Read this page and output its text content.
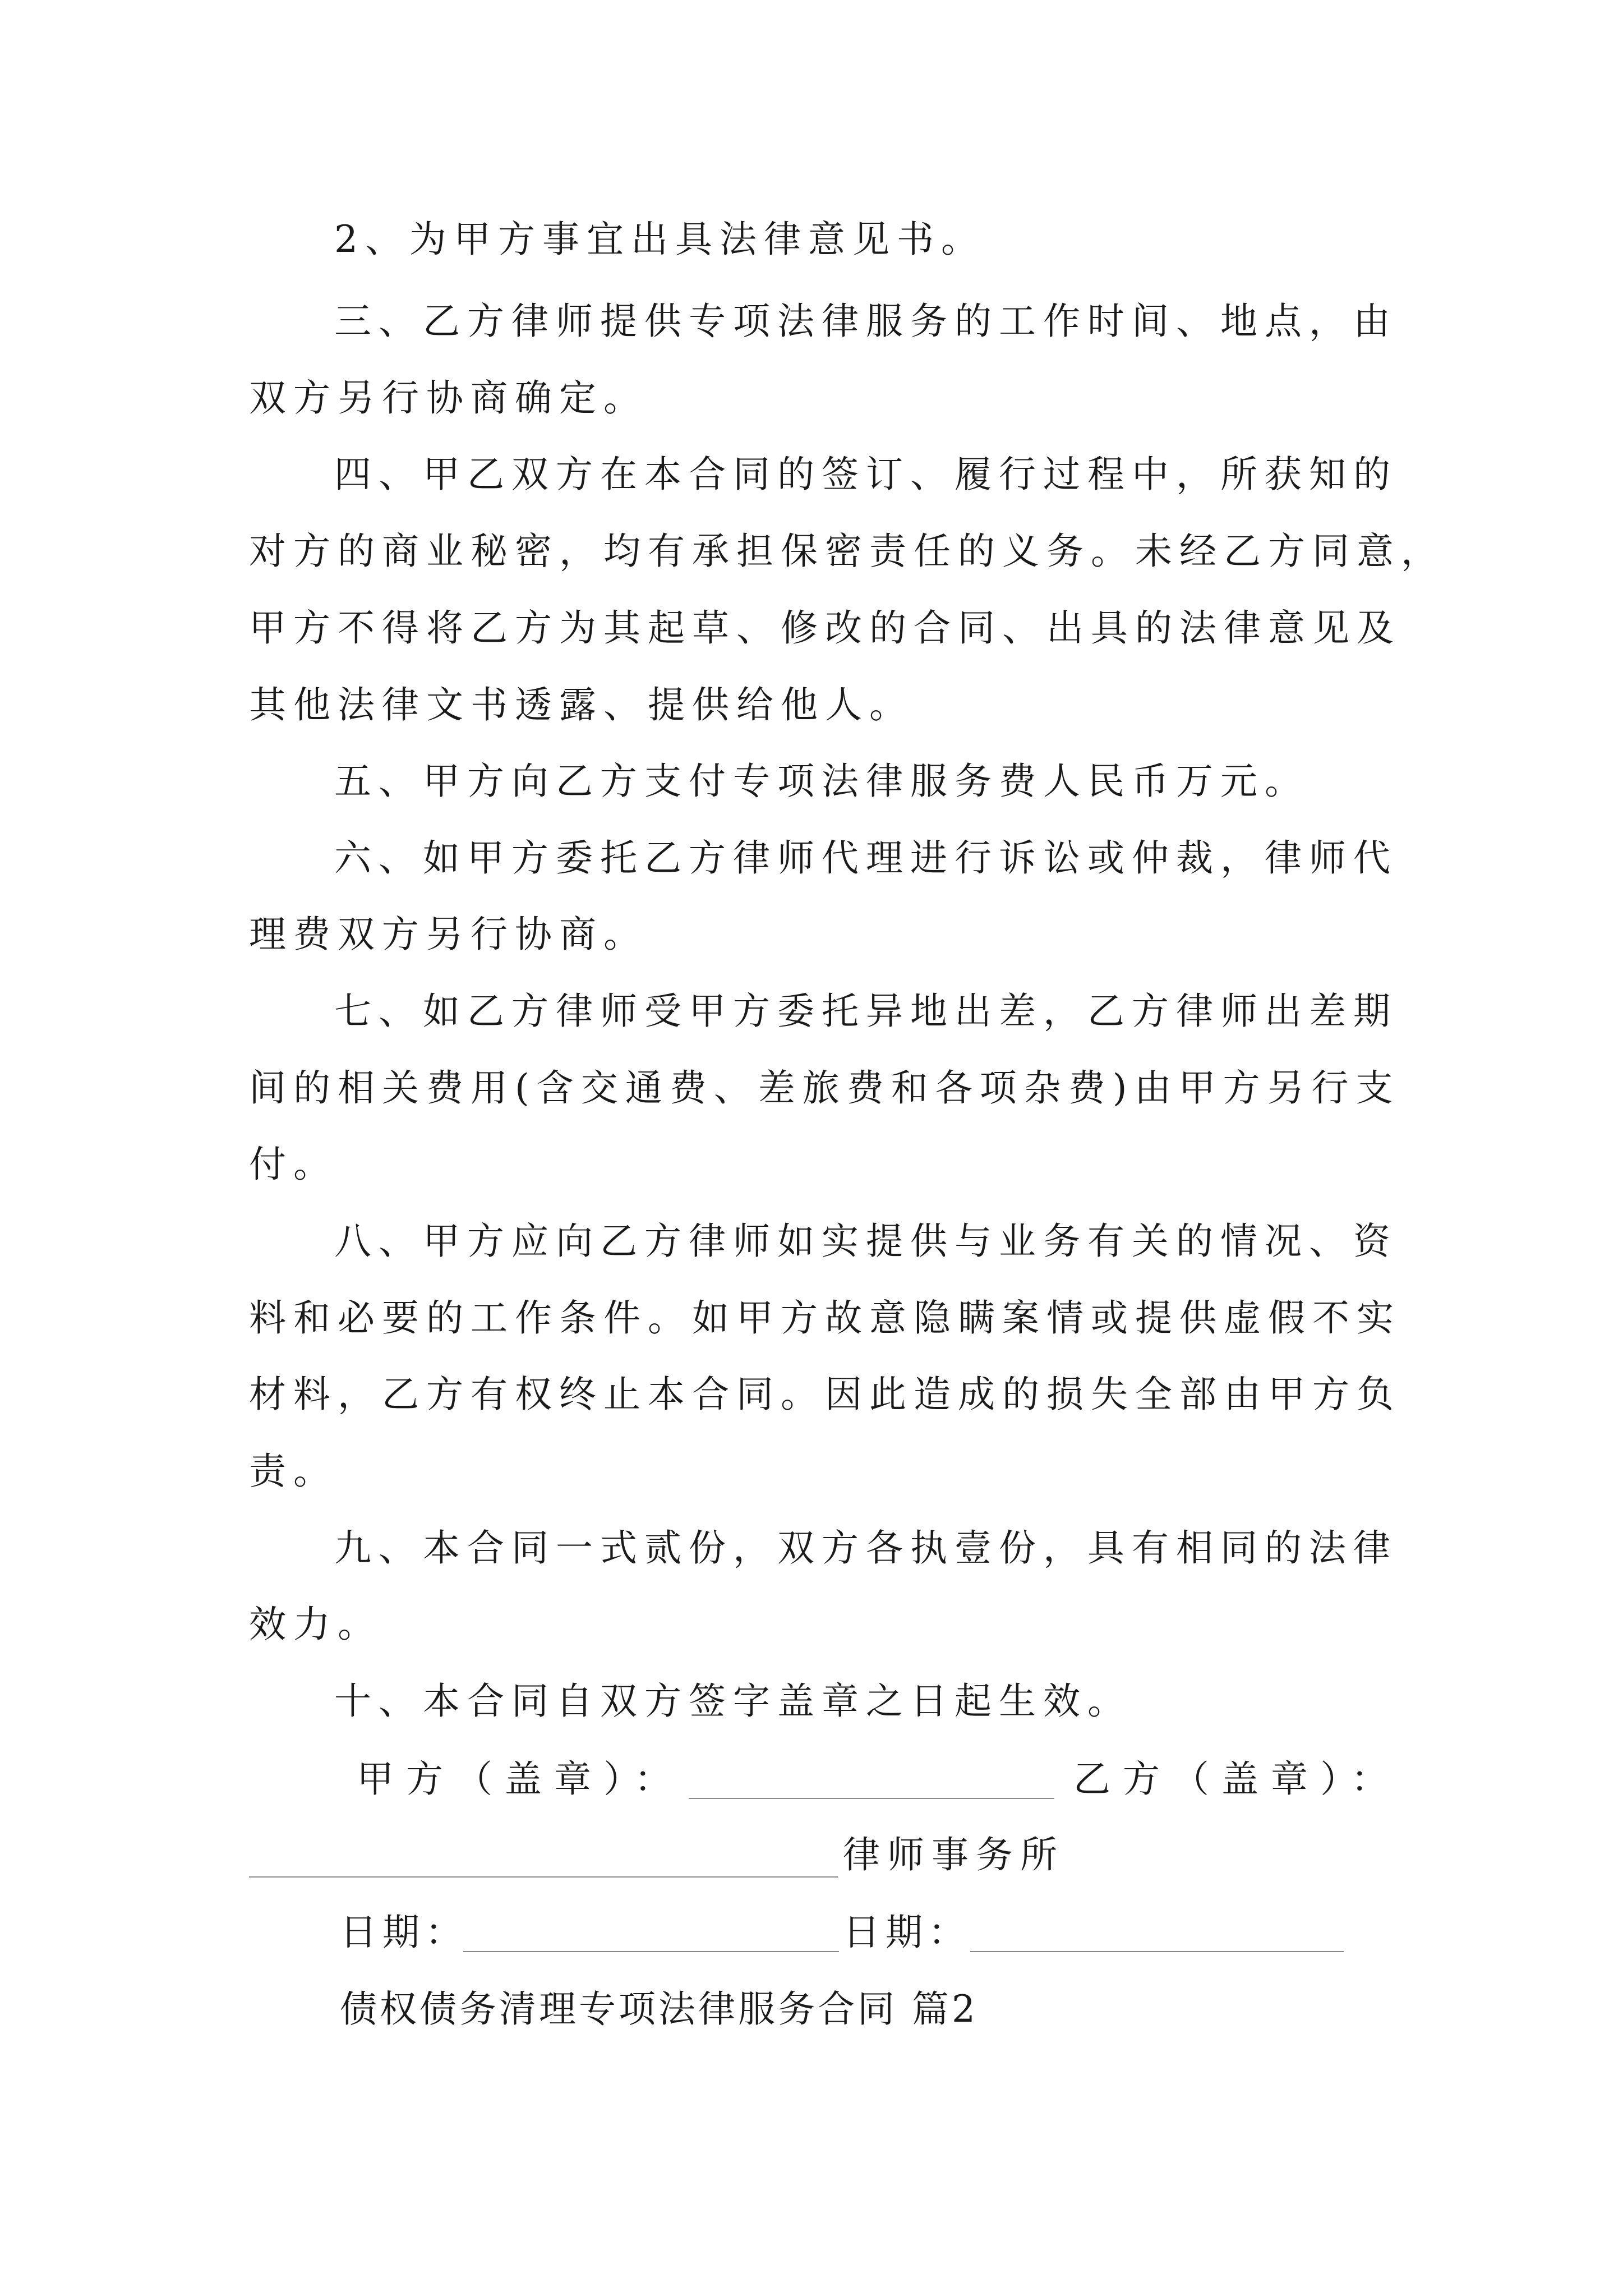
2、为甲方事宜出具法律意见书。
三、乙方律师提供专项法律服务的工作时间、地点，由
双方另行协商确定。
四、甲乙双方在本合同的签订、履行过程中，所获知的
对方的商业秘密，均有承担保密责任的义务。未经乙方同意，
甲方不得将乙方为其起草、修改的合同、出具的法律意见及
其他法律文书透露、提供给他人。
五、甲方向乙方支付专项法律服务费人民币万元。
六、如甲方委托乙方律师代理进行诉讼或仲裁，律师代
理费双方另行协商。
七、如乙方律师受甲方委托异地出差，乙方律师出差期
间的相关费用(含交通费、差旅费和各项杂费)由甲方另行支
付。
八、甲方应向乙方律师如实提供与业务有关的情况、资
料和必要的工作条件。如甲方故意隐瞒案情或提供虚假不实
材料，乙方有权终止本合同。因此造成的损失全部由甲方负
责。
九、本合同一式贰份，双方各执壹份，具有相同的法律
效力。
十、本合同自双方签字盖章之日起生效。
甲方（盖章）：	乙方（盖章）：
律师事务所
日期：	日期：
债权债务清理专项法律服务合同 篇2
